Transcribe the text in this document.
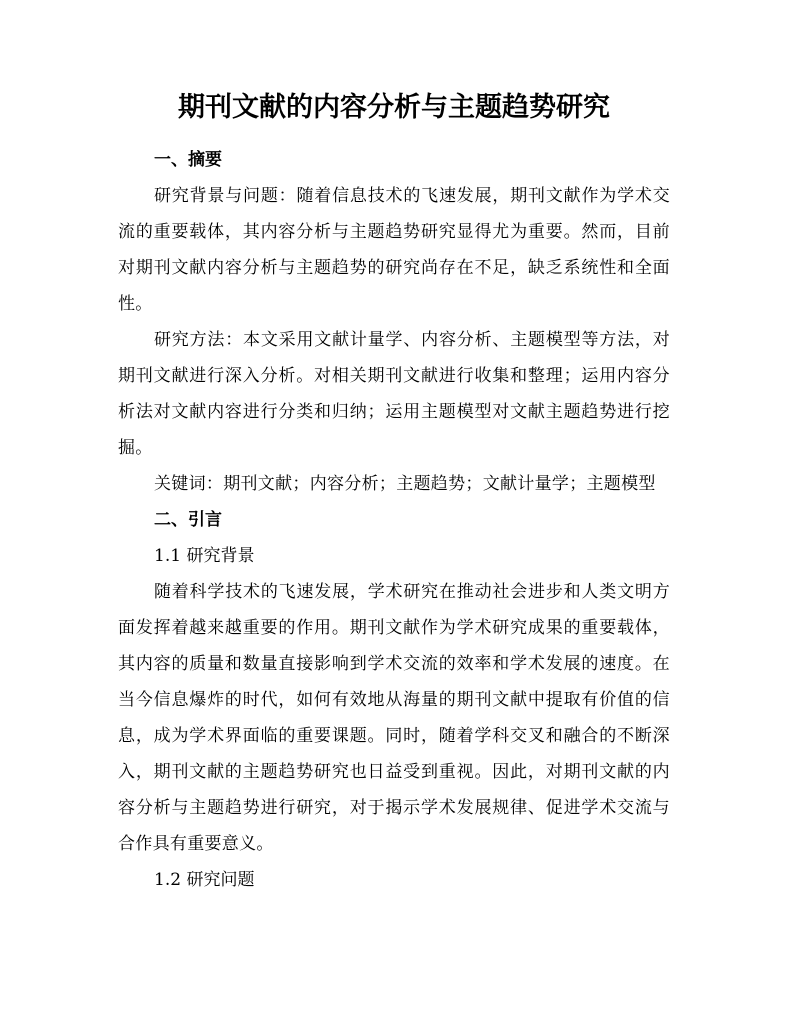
期刊文献的内容分析与主题趋势研究
一、摘要

研究背景与问题：随着信息技术的飞速发展，期刊文献作为学术交流的重要载体，其内容分析与主题趋势研究显得尤为重要。然而，目前对期刊文献内容分析与主题趋势的研究尚存在不足，缺乏系统性和全面性。

研究方法：本文采用文献计量学、内容分析、主题模型等方法，对期刊文献进行深入分析。对相关期刊文献进行收集和整理；运用内容分析法对文献内容进行分类和归纳；运用主题模型对文献主题趋势进行挖掘。

关键词：期刊文献；内容分析；主题趋势；文献计量学；主题模型

二、引言

1.1 研究背景

随着科学技术的飞速发展，学术研究在推动社会进步和人类文明方面发挥着越来越重要的作用。期刊文献作为学术研究成果的重要载体，其内容的质量和数量直接影响到学术交流的效率和学术发展的速度。在当今信息爆炸的时代，如何有效地从海量的期刊文献中提取有价值的信息，成为学术界面临的重要课题。同时，随着学科交叉和融合的不断深入，期刊文献的主题趋势研究也日益受到重视。因此，对期刊文献的内容分析与主题趋势进行研究，对于揭示学术发展规律、促进学术交流与合作具有重要意义。

1.2 研究问题
